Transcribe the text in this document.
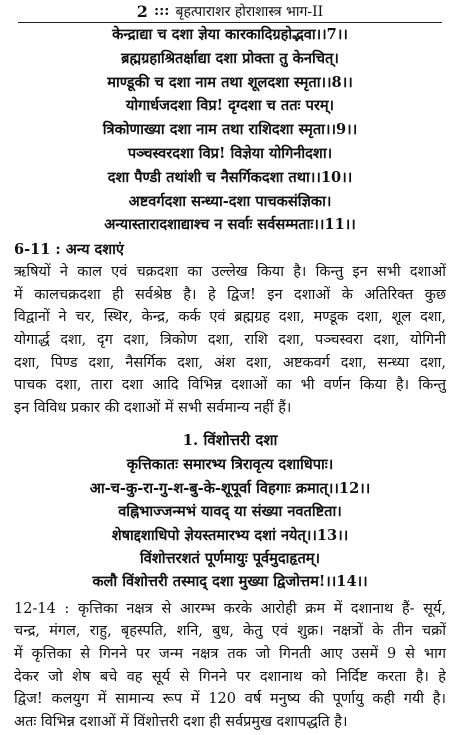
2 ::: बृहत्पाराशर होराशास्त्र भाग-II
केन्द्राद्या च दशा ज्ञेया कारकादिग्रहोद्भवा।।7।।
ब्रह्मग्रहाश्रितर्क्षाद्या दशा प्रोक्ता तु केनचित्।
माण्डूकी च दशा नाम तथा शूलदशा स्मृता।।8।।
योगार्धजदशा विप्र! दृग्दशा च ततः परम्।
त्रिकोणाख्या दशा नाम तथा राशिदशा स्मृता।।9।।
पञ्चस्वरदशा विप्र! विज्ञेया योगिनीदशा।
दशा पैण्डी तथांशी च नैसर्गिकदशा तथा।।10।।
अष्टवर्गदशा सन्ध्या-दशा पाचकसंज्ञिका।
अन्यास्तारादशाद्याश्च न सर्वाः सर्वसम्मताः।।11।।
6-11 : अन्य दशाएं
ऋषियों ने काल एवं चक्रदशा का उल्लेख किया है। किन्तु इन सभी दशाओं
में कालचक्रदशा ही सर्वश्रेष्ठ है। हे द्विज! इन दशाओं के अतिरिक्त कुछ
विद्वानों ने चर, स्थिर, केन्द्र, कर्क एवं ब्रह्मग्रह दशा, मण्डूक दशा, शूल दशा,
योगार्द्ध दशा, दृग दशा, त्रिकोण दशा, राशि दशा, पञ्चस्वरा दशा, योगिनी
दशा, पिण्ड दशा, नैसर्गिक दशा, अंश दशा, अष्टकवर्ग दशा, सन्ध्या दशा,
पाचक दशा, तारा दशा आदि विभिन्न दशाओं का भी वर्णन किया है। किन्तु
इन विविध प्रकार की दशाओं में सभी सर्वमान्य नहीं हैं।
1. विंशोत्तरी दशा
कृत्तिकातः समारभ्य त्रिरावृत्य दशाधिपाः।
आ-च-कु-रा-गु-श-बु-के-शूपूर्वा विहगाः क्रमात्।।12।।
वह्निभाज्जन्मभं यावद् या संख्या नवतष्टिता।
शेषाद्दशाधिपो ज्ञेयस्तमारभ्य दशां नयेत्।।13।।
विंशोत्तरशतं पूर्णमायुः पूर्वमुदाहृतम्।
कलौ विंशोत्तरी तस्माद् दशा मुख्या द्विजोत्तम!।।14।।
12-14 : कृत्तिका नक्षत्र से आरम्भ करके आरोही क्रम में दशानाथ हैं- सूर्य,
चन्द्र, मंगल, राहु, बृहस्पति, शनि, बुध, केतु एवं शुक्र। नक्षत्रों के तीन चक्रों
में कृत्तिका से गिनने पर जन्म नक्षत्र तक जो गिनती आए उसमें 9 से भाग
देकर जो शेष बचे वह सूर्य से गिनने पर दशानाथ को निर्दिष्ट करता है। हे
द्विज! कलयुग में सामान्य रूप में 120 वर्ष मनुष्य की पूर्णायु कही गयी है।
अतः विभिन्न दशाओं में विंशोत्तरी दशा ही सर्वप्रमुख दशापद्धति है।
